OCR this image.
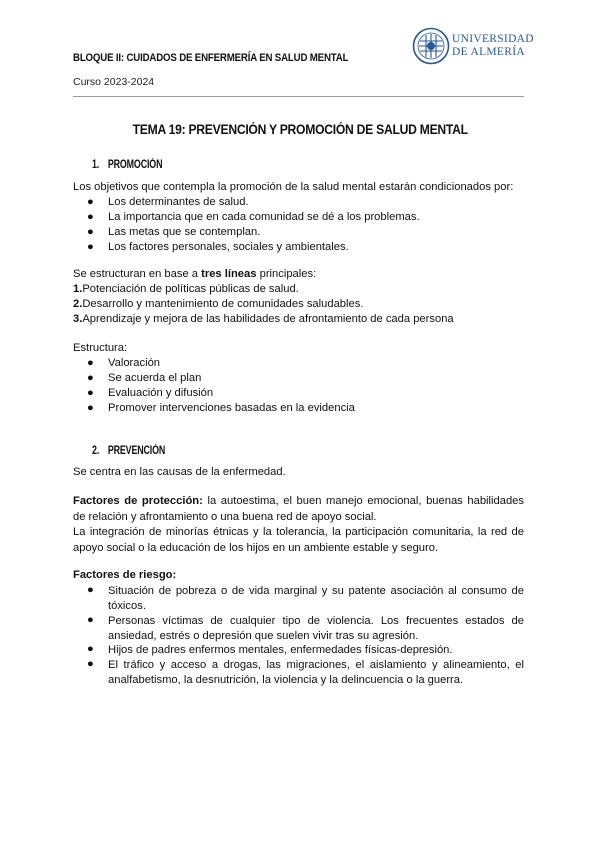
BLOQUE II: CUIDADOS DE ENFERMERÍA EN SALUD MENTAL
Curso 2023-2024
UNIVERSIDAD
DE ALMERÍA
TEMA 19: PREVENCIÓN Y PROMOCIÓN DE SALUD MENTAL
1. PROMOCIÓN
Los objetivos que contempla la promoción de la salud mental estarán condicionados por:
● Los determinantes de salud.
● La importancia que en cada comunidad se dé a los problemas.
● Las metas que se contemplan.
● Los factores personales, sociales y ambientales.
Se estructuran en base a tres líneas principales:
1.Potenciación de políticas públicas de salud.
2.Desarrollo y mantenimiento de comunidades saludables.
3.Aprendizaje y mejora de las habilidades de afrontamiento de cada persona
Estructura:
● Valoración
● Se acuerda el plan
● Evaluación y difusión
● Promover intervenciones basadas en la evidencia
2. PREVENCIÓN
Se centra en las causas de la enfermedad.
Factores de protección: la autoestima, el buen manejo emocional, buenas habilidades de relación y afrontamiento o una buena red de apoyo social.
La integración de minorías étnicas y la tolerancia, la participación comunitaria, la red de apoyo social o la educación de los hijos en un ambiente estable y seguro.
Factores de riesgo:
● Situación de pobreza o de vida marginal y su patente asociación al consumo de tóxicos.
● Personas víctimas de cualquier tipo de violencia. Los frecuentes estados de ansiedad, estrés o depresión que suelen vivir tras su agresión.
● Hijos de padres enfermos mentales, enfermedades físicas-depresión.
● El tráfico y acceso a drogas, las migraciones, el aislamiento y alineamiento, el analfabetismo, la desnutrición, la violencia y la delincuencia o la guerra.
